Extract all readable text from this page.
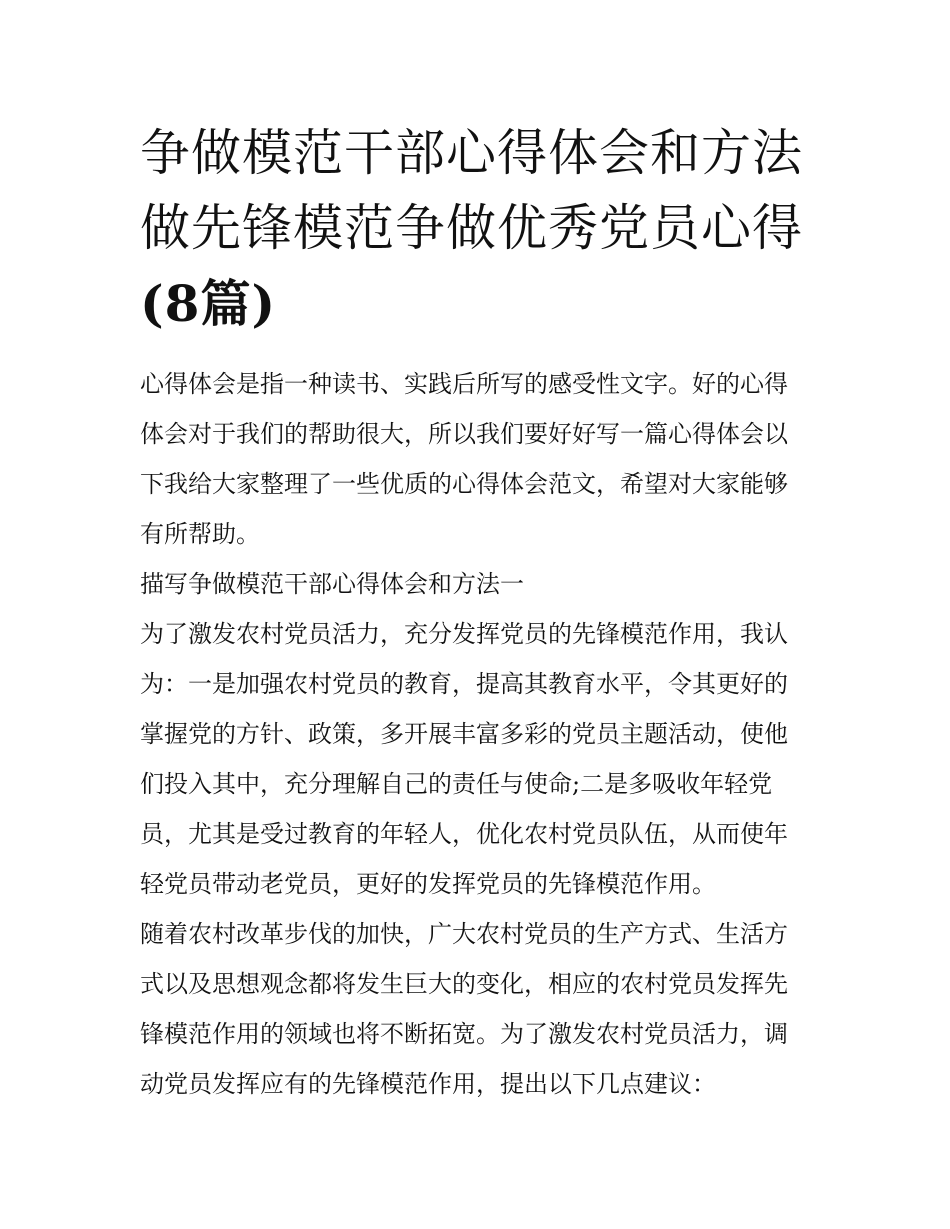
争做模范干部心得体会和方法
做先锋模范争做优秀党员心得
(8篇)

心得体会是指一种读书、实践后所写的感受性文字。好的心得
体会对于我们的帮助很大，所以我们要好好写一篇心得体会以
下我给大家整理了一些优质的心得体会范文，希望对大家能够
有所帮助。

描写争做模范干部心得体会和方法一

为了激发农村党员活力，充分发挥党员的先锋模范作用，我认
为：一是加强农村党员的教育，提高其教育水平，令其更好的
掌握党的方针、政策，多开展丰富多彩的党员主题活动，使他
们投入其中，充分理解自己的责任与使命;二是多吸收年轻党
员，尤其是受过教育的年轻人，优化农村党员队伍，从而使年
轻党员带动老党员，更好的发挥党员的先锋模范作用。

随着农村改革步伐的加快，广大农村党员的生产方式、生活方
式以及思想观念都将发生巨大的变化，相应的农村党员发挥先
锋模范作用的领域也将不断拓宽。为了激发农村党员活力，调
动党员发挥应有的先锋模范作用，提出以下几点建议：
